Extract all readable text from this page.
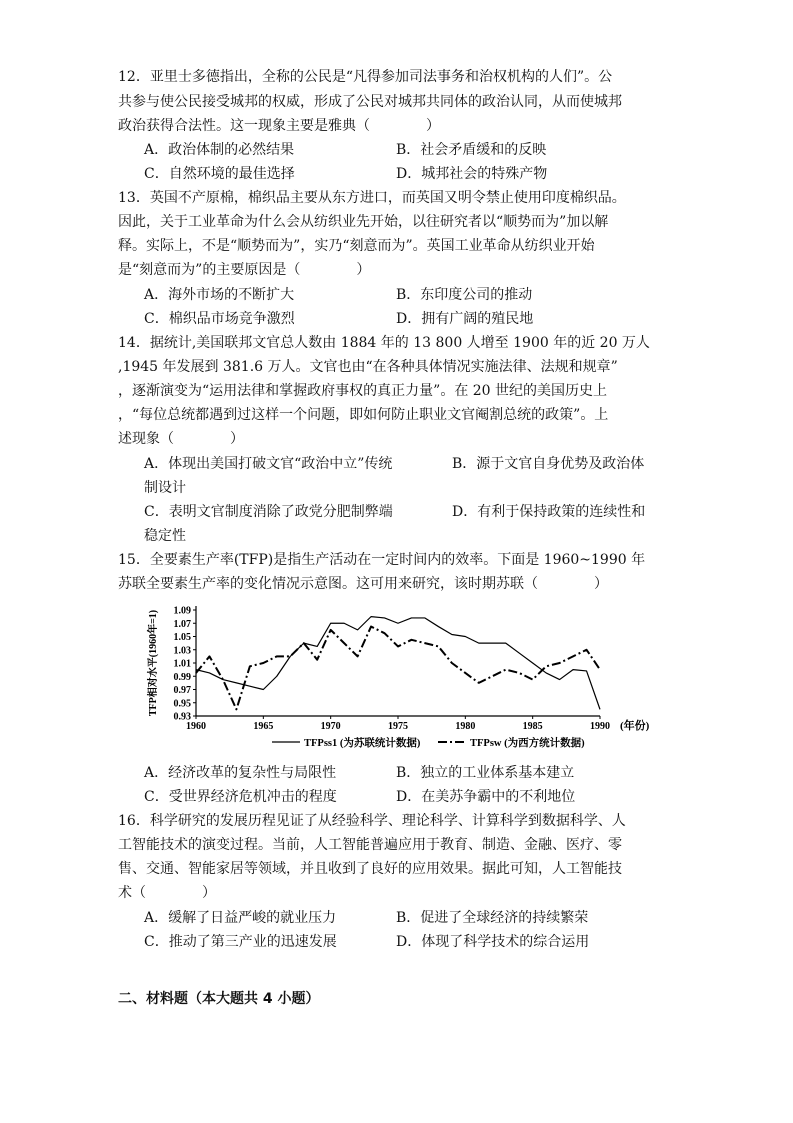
12．亚里士多德指出，全称的公民是“凡得参加司法事务和治权机构的人们”。公
共参与使公民接受城邦的权威，形成了公民对城邦共同体的政治认同，从而使城邦
政治获得合法性。这一现象主要是雅典（　　　　）
A．政治体制的必然结果	B．社会矛盾缓和的反映
C．自然环境的最佳选择	D．城邦社会的特殊产物
13．英国不产原棉，棉织品主要从东方进口，而英国又明令禁止使用印度棉织品。
因此，关于工业革命为什么会从纺织业先开始，以往研究者以“顺势而为”加以解
释。实际上，不是“顺势而为”，实乃“刻意而为”。英国工业革命从纺织业开始
是“刻意而为”的主要原因是（　　　　）
A．海外市场的不断扩大	B．东印度公司的推动
C．棉织品市场竞争激烈	D．拥有广阔的殖民地
14．据统计,美国联邦文官总人数由 1884 年的 13 800 人增至 1900 年的近 20 万人
,1945 年发展到 381.6 万人。文官也由“在各种具体情况实施法律、法规和规章”
，逐渐演变为“运用法律和掌握政府事权的真正力量”。在 20 世纪的美国历史上
，“每位总统都遇到过这样一个问题，即如何防止职业文官阉割总统的政策”。上
述现象（　　　　）
A．体现出美国打破文官“政治中立”传统	B．源于文官自身优势及政治体
制设计
C．表明文官制度消除了政党分肥制弊端	D．有利于保持政策的连续性和
稳定性
15．全要素生产率(TFP)是指生产活动在一定时间内的效率。下面是 1960~1990 年
苏联全要素生产率的变化情况示意图。这可用来研究，该时期苏联（　　　　）
1.09
1.07
1.05
1.03
1.01
0.99
0.97
0.95
0.93
1960	1965	1970	1975	1980	1985	1990 (年份)
TFP相对水平(1960年=1)
TFPss1 (为苏联统计数据)	TFPsw (为西方统计数据)
A．经济改革的复杂性与局限性	B．独立的工业体系基本建立
C．受世界经济危机冲击的程度	D．在美苏争霸中的不利地位
16．科学研究的发展历程见证了从经验科学、理论科学、计算科学到数据科学、人
工智能技术的演变过程。当前，人工智能普遍应用于教育、制造、金融、医疗、零
售、交通、智能家居等领域，并且收到了良好的应用效果。据此可知，人工智能技
术（　　　　）
A．缓解了日益严峻的就业压力	B．促进了全球经济的持续繁荣
C．推动了第三产业的迅速发展	D．体现了科学技术的综合运用
二、材料题（本大题共 4 小题）
